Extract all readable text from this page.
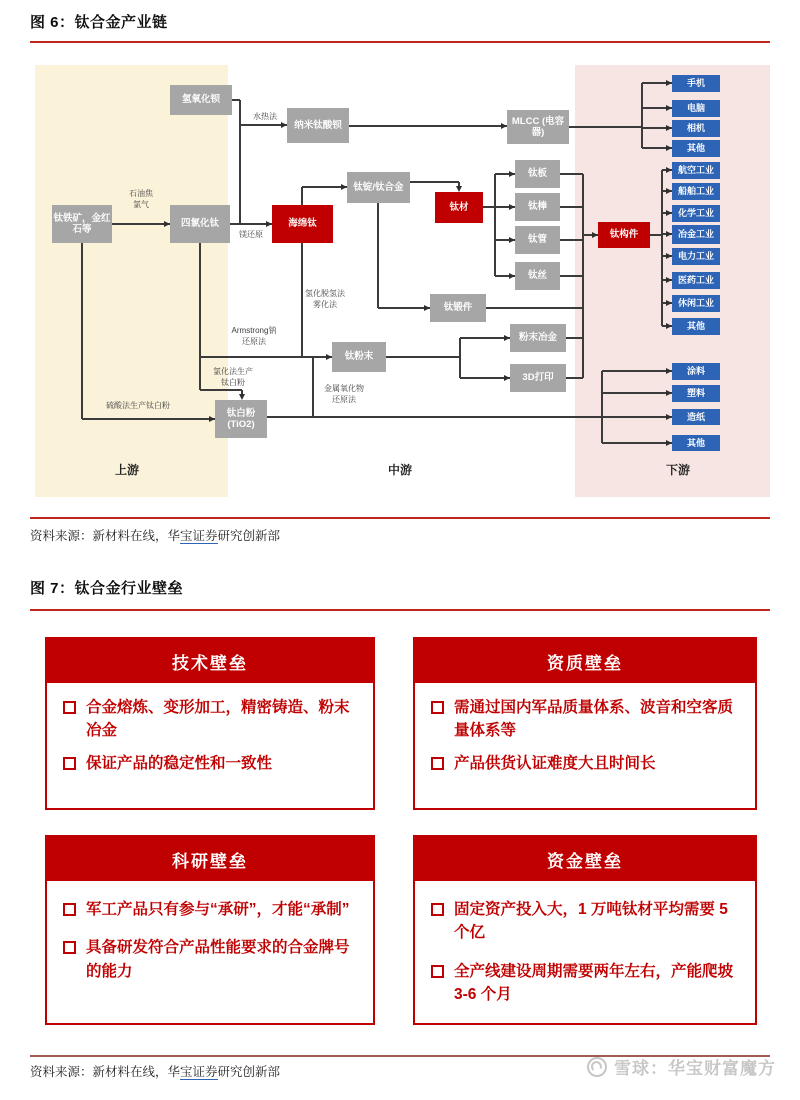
图 6：钛合金产业链
氢氧化钡
纳米钛酸钡
钛铁矿，金红石等
四氯化钛
钛锭/钛合金
钛板
钛棒
钛管
钛丝
MLCC (电容器)
钛锻件
钛粉末
粉末冶金
3D打印
钛白粉 (TiO2)
海绵钛
钛材
钛构件
手机
电脑
相机
其他
航空工业
船舶工业
化学工业
冶金工业
电力工业
医药工业
休闲工业
其他
涂料
塑料
造纸
其他
水热法
石油焦
氯气
镁还原
氢化脱氢法
雾化法
Armstrong钠
还原法
氯化法生产
钛白粉
硫酸法生产钛白粉
金属氧化物
还原法
上游	中游	下游

资料来源：新材料在线，华宝证券研究创新部

图 7：钛合金行业壁垒
技术壁垒
合金熔炼、变形加工，精密铸造、粉末冶金
保证产品的稳定性和一致性
资质壁垒
需通过国内军品质量体系、波音和空客质量体系等
产品供货认证难度大且时间长
科研壁垒
军工产品只有参与“承研”，才能“承制”
具备研发符合产品性能要求的合金牌号的能力
资金壁垒
固定资产投入大，1 万吨钛材平均需要 5 个亿
全产线建设周期需要两年左右，产能爬坡 3-6 个月

资料来源：新材料在线，华宝证券研究创新部	雪球：华宝财富魔方
